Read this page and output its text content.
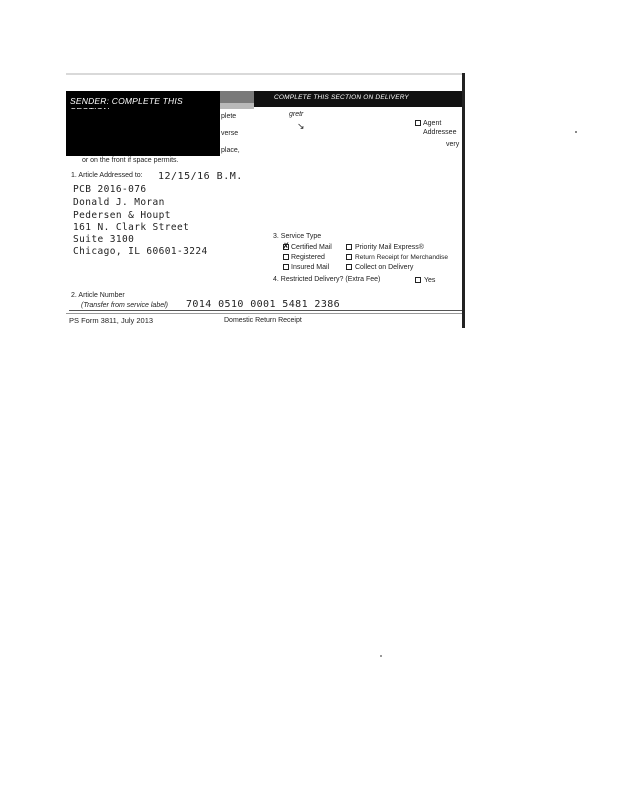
SENDER: COMPLETE THIS	COMPLETE THIS SECTION ON DELIVERY
plete
verse
place,
or on the front if space permits.
gretr
↘	Agent
Addressee
very
1. Article Addressed to: 12/15/16 B.M.
PCB 2016-076
Donald J. Moran
Pedersen & Houpt
161 N. Clark Street
Suite 3100
Chicago, IL 60601-3224
3. Service Type
✗ Certified Mail
Registered
Insured Mail
Priority Mail Express®
Return Receipt for Merchandise
Collect on Delivery
4. Restricted Delivery? (Extra Fee)	Yes
2. Article Number
(Transfer from service label) 7014 0510 0001 5481 2386
PS Form 3811, July 2013	Domestic Return Receipt
